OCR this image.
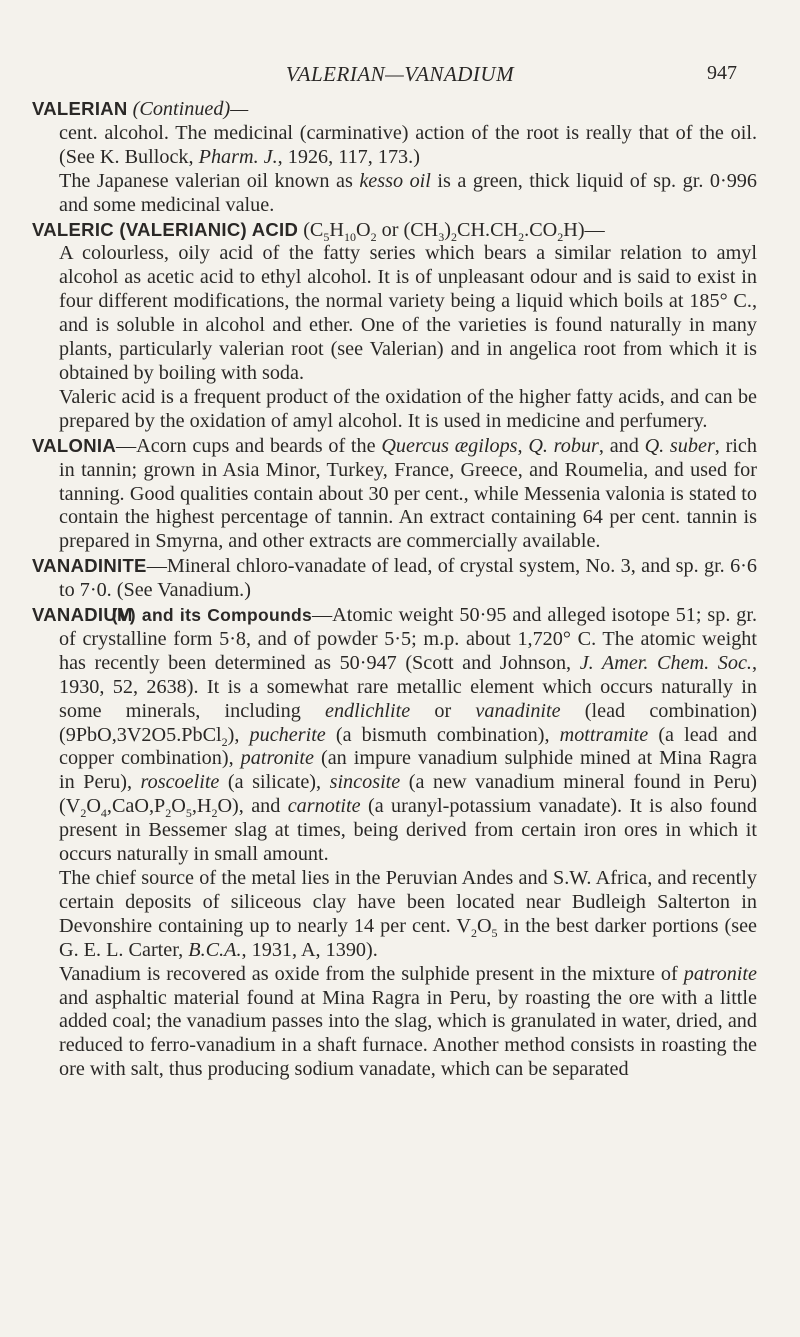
VALERIAN—VANADIUM	947

VALERIAN (Continued)—

cent. alcohol. The medicinal (carminative) action of the root is really that of the oil. (See K. Bullock, Pharm. J., 1926, 117, 173.)

The Japanese valerian oil known as kesso oil is a green, thick liquid of sp. gr. 0·996 and some medicinal value.

VALERIC (VALERIANIC) ACID ($C_5H_{10}O_2$ or $(CH_3)_2CH.CH_2.CO_2H)—$

A colourless, oily acid of the fatty series which bears a similar relation to amyl alcohol as acetic acid to ethyl alcohol. It is of unpleasant odour and is said to exist in four different modifications, the normal variety being a liquid which boils at 185° C., and is soluble in alcohol and ether. One of the varieties is found naturally in many plants, particularly valerian root (see Valerian) and in angelica root from which it is obtained by boiling with soda.

Valeric acid is a frequent product of the oxidation of the higher fatty acids, and can be prepared by the oxidation of amyl alcohol. It is used in medicine and perfumery.

VALONIA—Acorn cups and beards of the Quercus ægilops, Q. robur, and Q. suber, rich in tannin; grown in Asia Minor, Turkey, France, Greece, and Roumelia, and used for tanning. Good qualities contain about 30 per cent., while Messenia valonia is stated to contain the highest percentage of tannin. An extract containing 64 per cent. tannin is prepared in Smyrna, and other extracts are commercially available.

VANADINITE—Mineral chloro-vanadate of lead, of crystal system, No. 3, and sp. gr. 6·6 to 7·0. (See Vanadium.)

VANADIUM (V) and its Compounds—Atomic weight 50·95 and alleged isotope 51; sp. gr. of crystalline form 5·8, and of powder 5·5; m.p. about 1,720° C. The atomic weight has recently been determined as 50·947 (Scott and Johnson, J. Amer. Chem. Soc., 1930, 52, 2638). It is a somewhat rare metallic element which occurs naturally in some minerals, including endlichlite or vanadinite (lead combination) (9PbO,3V2O5.PbCl$_2$), pucherite (a bismuth combination), mottramite (a lead and copper combination), patronite (an impure vanadium sulphide mined at Mina Ragra in Peru), roscoelite (a silicate), sincosite (a new vanadium mineral found in Peru) $(V_2O_4,CaO,P_2O_5,H_2O)$, and carnotite (a uranyl-potassium vanadate). It is also found present in Bessemer slag at times, being derived from certain iron ores in which it occurs naturally in small amount.

The chief source of the metal lies in the Peruvian Andes and S.W. Africa, and recently certain deposits of siliceous clay have been located near Budleigh Salterton in Devonshire containing up to nearly 14 per cent. $V_2O_5$ in the best darker portions (see G. E. L. Carter, B.C.A., 1931, A, 1390).

Vanadium is recovered as oxide from the sulphide present in the mixture of patronite and asphaltic material found at Mina Ragra in Peru, by roasting the ore with a little added coal; the vanadium passes into the slag, which is granulated in water, dried, and reduced to ferro-vanadium in a shaft furnace. Another method consists in roasting the ore with salt, thus producing sodium vanadate, which can be separated
